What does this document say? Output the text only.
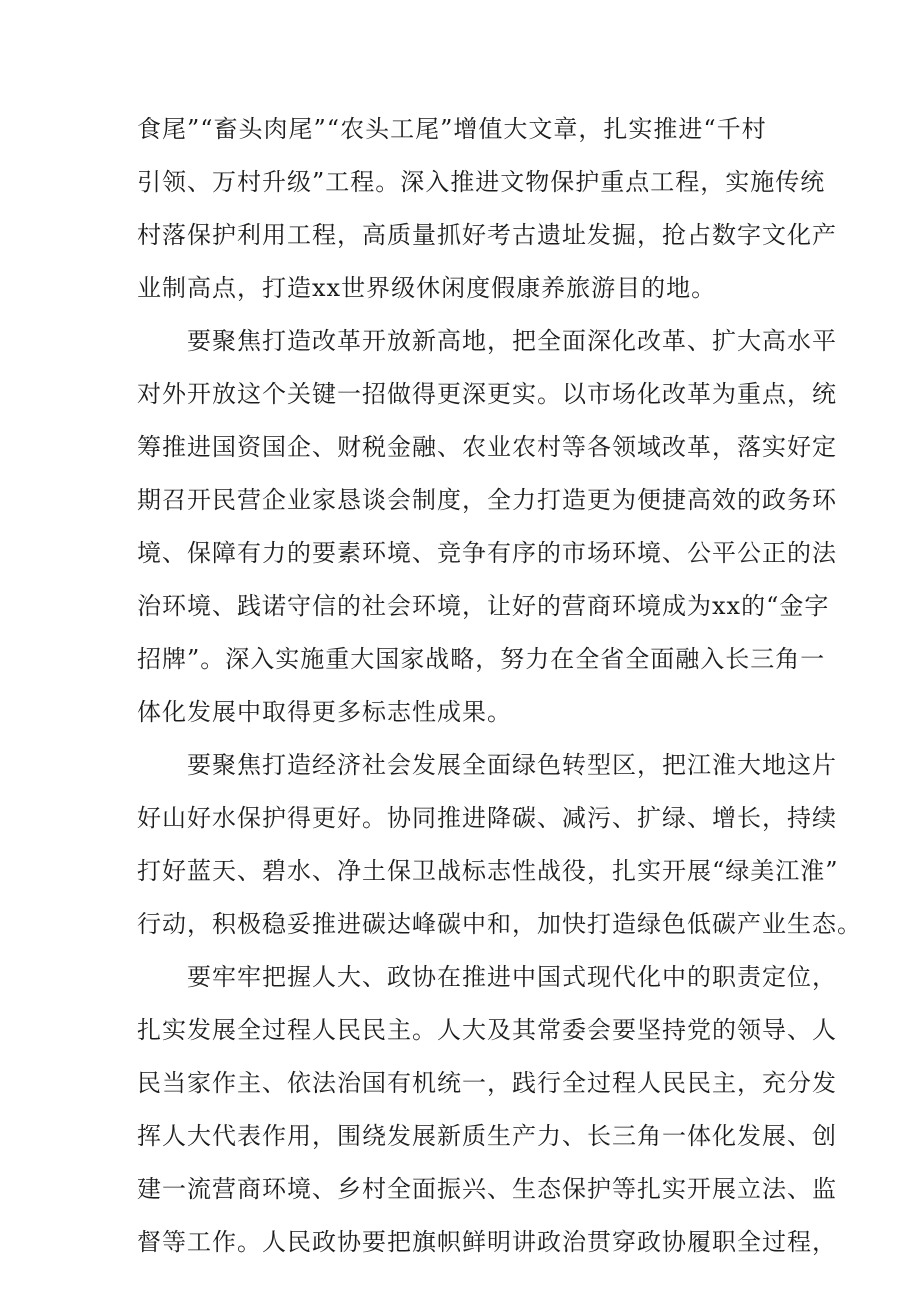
食尾”“畜头肉尾”“农头工尾”增值大文章，扎实推进“千村
引领、万村升级”工程。深入推进文物保护重点工程，实施传统
村落保护利用工程，高质量抓好考古遗址发掘，抢占数字文化产
业制高点，打造xx世界级休闲度假康养旅游目的地。
要聚焦打造改革开放新高地，把全面深化改革、扩大高水平
对外开放这个关键一招做得更深更实。以市场化改革为重点，统
筹推进国资国企、财税金融、农业农村等各领域改革，落实好定
期召开民营企业家恳谈会制度，全力打造更为便捷高效的政务环
境、保障有力的要素环境、竞争有序的市场环境、公平公正的法
治环境、践诺守信的社会环境，让好的营商环境成为xx的“金字
招牌”。深入实施重大国家战略，努力在全省全面融入长三角一
体化发展中取得更多标志性成果。
要聚焦打造经济社会发展全面绿色转型区，把江淮大地这片
好山好水保护得更好。协同推进降碳、减污、扩绿、增长，持续
打好蓝天、碧水、净土保卫战标志性战役，扎实开展“绿美江淮”
行动，积极稳妥推进碳达峰碳中和，加快打造绿色低碳产业生态。
要牢牢把握人大、政协在推进中国式现代化中的职责定位，
扎实发展全过程人民民主。人大及其常委会要坚持党的领导、人
民当家作主、依法治国有机统一，践行全过程人民民主，充分发
挥人大代表作用，围绕发展新质生产力、长三角一体化发展、创
建一流营商环境、乡村全面振兴、生态保护等扎实开展立法、监
督等工作。人民政协要把旗帜鲜明讲政治贯穿政协履职全过程，
